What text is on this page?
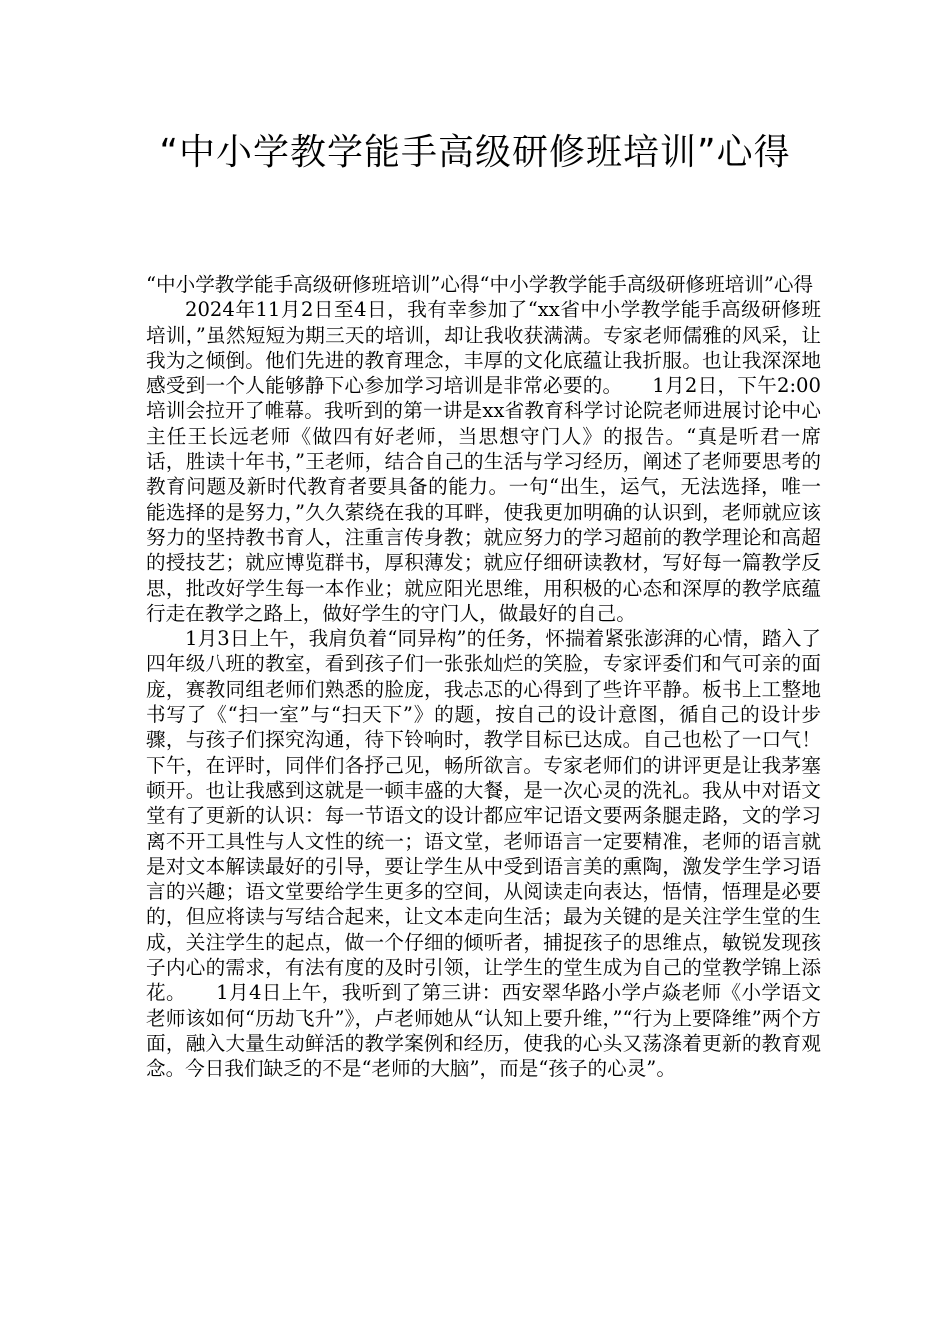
“中小学教学能手高级研修班培训”心得

“中小学教学能手高级研修班培训”心得“中小学教学能手高级研修班培训”心得

2024年11月2日至4日，我有幸参加了“xx省中小学教学能手高级研修班培训，”虽然短短为期三天的培训，却让我收获满满。专家老师儒雅的风采，让我为之倾倒。他们先进的教育理念，丰厚的文化底蕴让我折服。也让我深深地感受到一个人能够静下心参加学习培训是非常必要的。　　1月2日，下午2:00培训会拉开了帷幕。我听到的第一讲是xx省教育科学讨论院老师进展讨论中心主任王长远老师《做四有好老师，当思想守门人》的报告。“真是听君一席话，胜读十年书，”王老师，结合自己的生活与学习经历，阐述了老师要思考的教育问题及新时代教育者要具备的能力。一句“出生，运气，无法选择，唯一能选择的是努力，”久久萦绕在我的耳畔，使我更加明确的认识到，老师就应该努力的坚持教书育人，注重言传身教；就应努力的学习超前的教学理论和高超的授技艺；就应博览群书，厚积薄发；就应仔细研读教材，写好每一篇教学反思，批改好学生每一本作业；就应阳光思维，用积极的心态和深厚的教学底蕴行走在教学之路上，做好学生的守门人，做最好的自己。

1月3日上午，我肩负着“同异构”的任务，怀揣着紧张澎湃的心情，踏入了四年级八班的教室，看到孩子们一张张灿烂的笑脸，专家评委们和气可亲的面庞，赛教同组老师们熟悉的脸庞，我忐忑的心得到了些许平静。板书上工整地书写了《“扫一室”与“扫天下”》的题，按自己的设计意图，循自己的设计步骤，与孩子们探究沟通，待下铃响时，教学目标已达成。自己也松了一口气！下午，在评时，同伴们各抒己见，畅所欲言。专家老师们的讲评更是让我茅塞顿开。也让我感到这就是一顿丰盛的大餐，是一次心灵的洗礼。我从中对语文堂有了更新的认识：每一节语文的设计都应牢记语文要两条腿走路，文的学习离不开工具性与人文性的统一；语文堂，老师语言一定要精准，老师的语言就是对文本解读最好的引导，要让学生从中受到语言美的熏陶，激发学生学习语言的兴趣；语文堂要给学生更多的空间，从阅读走向表达，悟情，悟理是必要的，但应将读与写结合起来，让文本走向生活；最为关键的是关注学生堂的生成，关注学生的起点，做一个仔细的倾听者，捕捉孩子的思维点，敏锐发现孩子内心的需求，有法有度的及时引领，让学生的堂生成为自己的堂教学锦上添花。　　1月4日上午，我听到了第三讲：西安翠华路小学卢焱老师《小学语文老师该如何“历劫飞升”》，卢老师她从“认知上要升维，”“行为上要降维”两个方面，融入大量生动鲜活的教学案例和经历，使我的心头又荡涤着更新的教育观念。今日我们缺乏的不是“老师的大脑”，而是“孩子的心灵”。
